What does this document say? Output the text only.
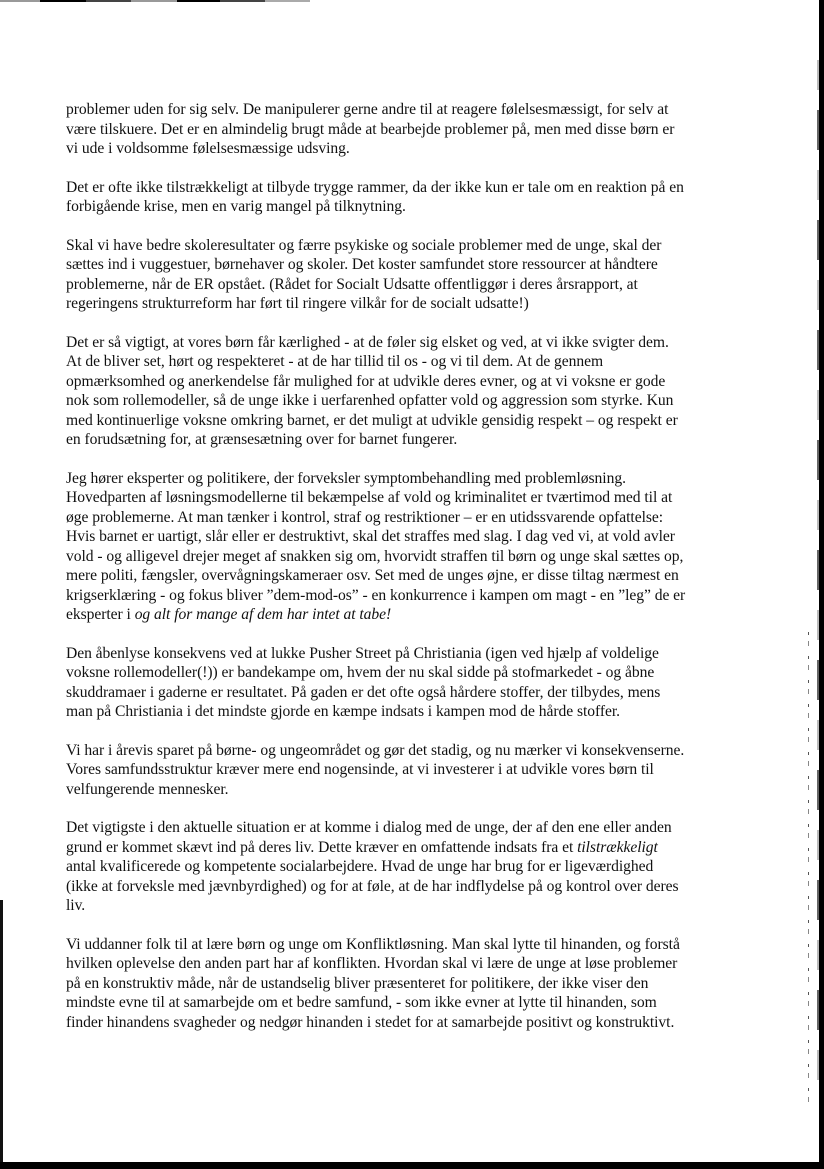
problemer uden for sig selv. De manipulerer gerne andre til at reagere følelsesmæssigt, for selv at
være tilskuere. Det er en almindelig brugt måde at bearbejde problemer på, men med disse børn er
vi ude i voldsomme følelsesmæssige udsving.

Det er ofte ikke tilstrækkeligt at tilbyde trygge rammer, da der ikke kun er tale om en reaktion på en
forbigående krise, men en varig mangel på tilknytning.

Skal vi have bedre skoleresultater og færre psykiske og sociale problemer med de unge, skal der
sættes ind i vuggestuer, børnehaver og skoler. Det koster samfundet store ressourcer at håndtere
problemerne, når de ER opstået. (Rådet for Socialt Udsatte offentliggør i deres årsrapport, at
regeringens strukturreform har ført til ringere vilkår for de socialt udsatte!)

Det er så vigtigt, at vores børn får kærlighed - at de føler sig elsket og ved, at vi ikke svigter dem.
At de bliver set, hørt og respekteret - at de har tillid til os - og vi til dem. At de gennem
opmærksomhed og anerkendelse får mulighed for at udvikle deres evner, og at vi voksne er gode
nok som rollemodeller, så de unge ikke i uerfarenhed opfatter vold og aggression som styrke. Kun
med kontinuerlige voksne omkring barnet, er det muligt at udvikle gensidig respekt – og respekt er
en forudsætning for, at grænsesætning over for barnet fungerer.

Jeg hører eksperter og politikere, der forveksler symptombehandling med problemløsning.
Hovedparten af løsningsmodellerne til bekæmpelse af vold og kriminalitet er tværtimod med til at
øge problemerne. At man tænker i kontrol, straf og restriktioner – er en utidssvarende opfattelse:
Hvis barnet er uartigt, slår eller er destruktivt, skal det straffes med slag. I dag ved vi, at vold avler
vold - og alligevel drejer meget af snakken sig om, hvorvidt straffen til børn og unge skal sættes op,
mere politi, fængsler, overvågningskameraer osv. Set med de unges øjne, er disse tiltag nærmest en
krigserklæring - og fokus bliver ”dem-mod-os” - en konkurrence i kampen om magt - en ”leg” de er
eksperter i og alt for mange af dem har intet at tabe!

Den åbenlyse konsekvens ved at lukke Pusher Street på Christiania (igen ved hjælp af voldelige
voksne rollemodeller(!)) er bandekampe om, hvem der nu skal sidde på stofmarkedet - og åbne
skuddramaer i gaderne er resultatet. På gaden er det ofte også hårdere stoffer, der tilbydes, mens
man på Christiania i det mindste gjorde en kæmpe indsats i kampen mod de hårde stoffer.

Vi har i årevis sparet på børne- og ungeområdet og gør det stadig, og nu mærker vi konsekvenserne.
Vores samfundsstruktur kræver mere end nogensinde, at vi investerer i at udvikle vores børn til
velfungerende mennesker.

Det vigtigste i den aktuelle situation er at komme i dialog med de unge, der af den ene eller anden
grund er kommet skævt ind på deres liv. Dette kræver en omfattende indsats fra et tilstrækkeligt
antal kvalificerede og kompetente socialarbejdere. Hvad de unge har brug for er ligeværdighed
(ikke at forveksle med jævnbyrdighed) og for at føle, at de har indflydelse på og kontrol over deres
liv.

Vi uddanner folk til at lære børn og unge om Konfliktløsning. Man skal lytte til hinanden, og forstå
hvilken oplevelse den anden part har af konflikten. Hvordan skal vi lære de unge at løse problemer
på en konstruktiv måde, når de ustandselig bliver præsenteret for politikere, der ikke viser den
mindste evne til at samarbejde om et bedre samfund, - som ikke evner at lytte til hinanden, som
finder hinandens svagheder og nedgør hinanden i stedet for at samarbejde positivt og konstruktivt.
